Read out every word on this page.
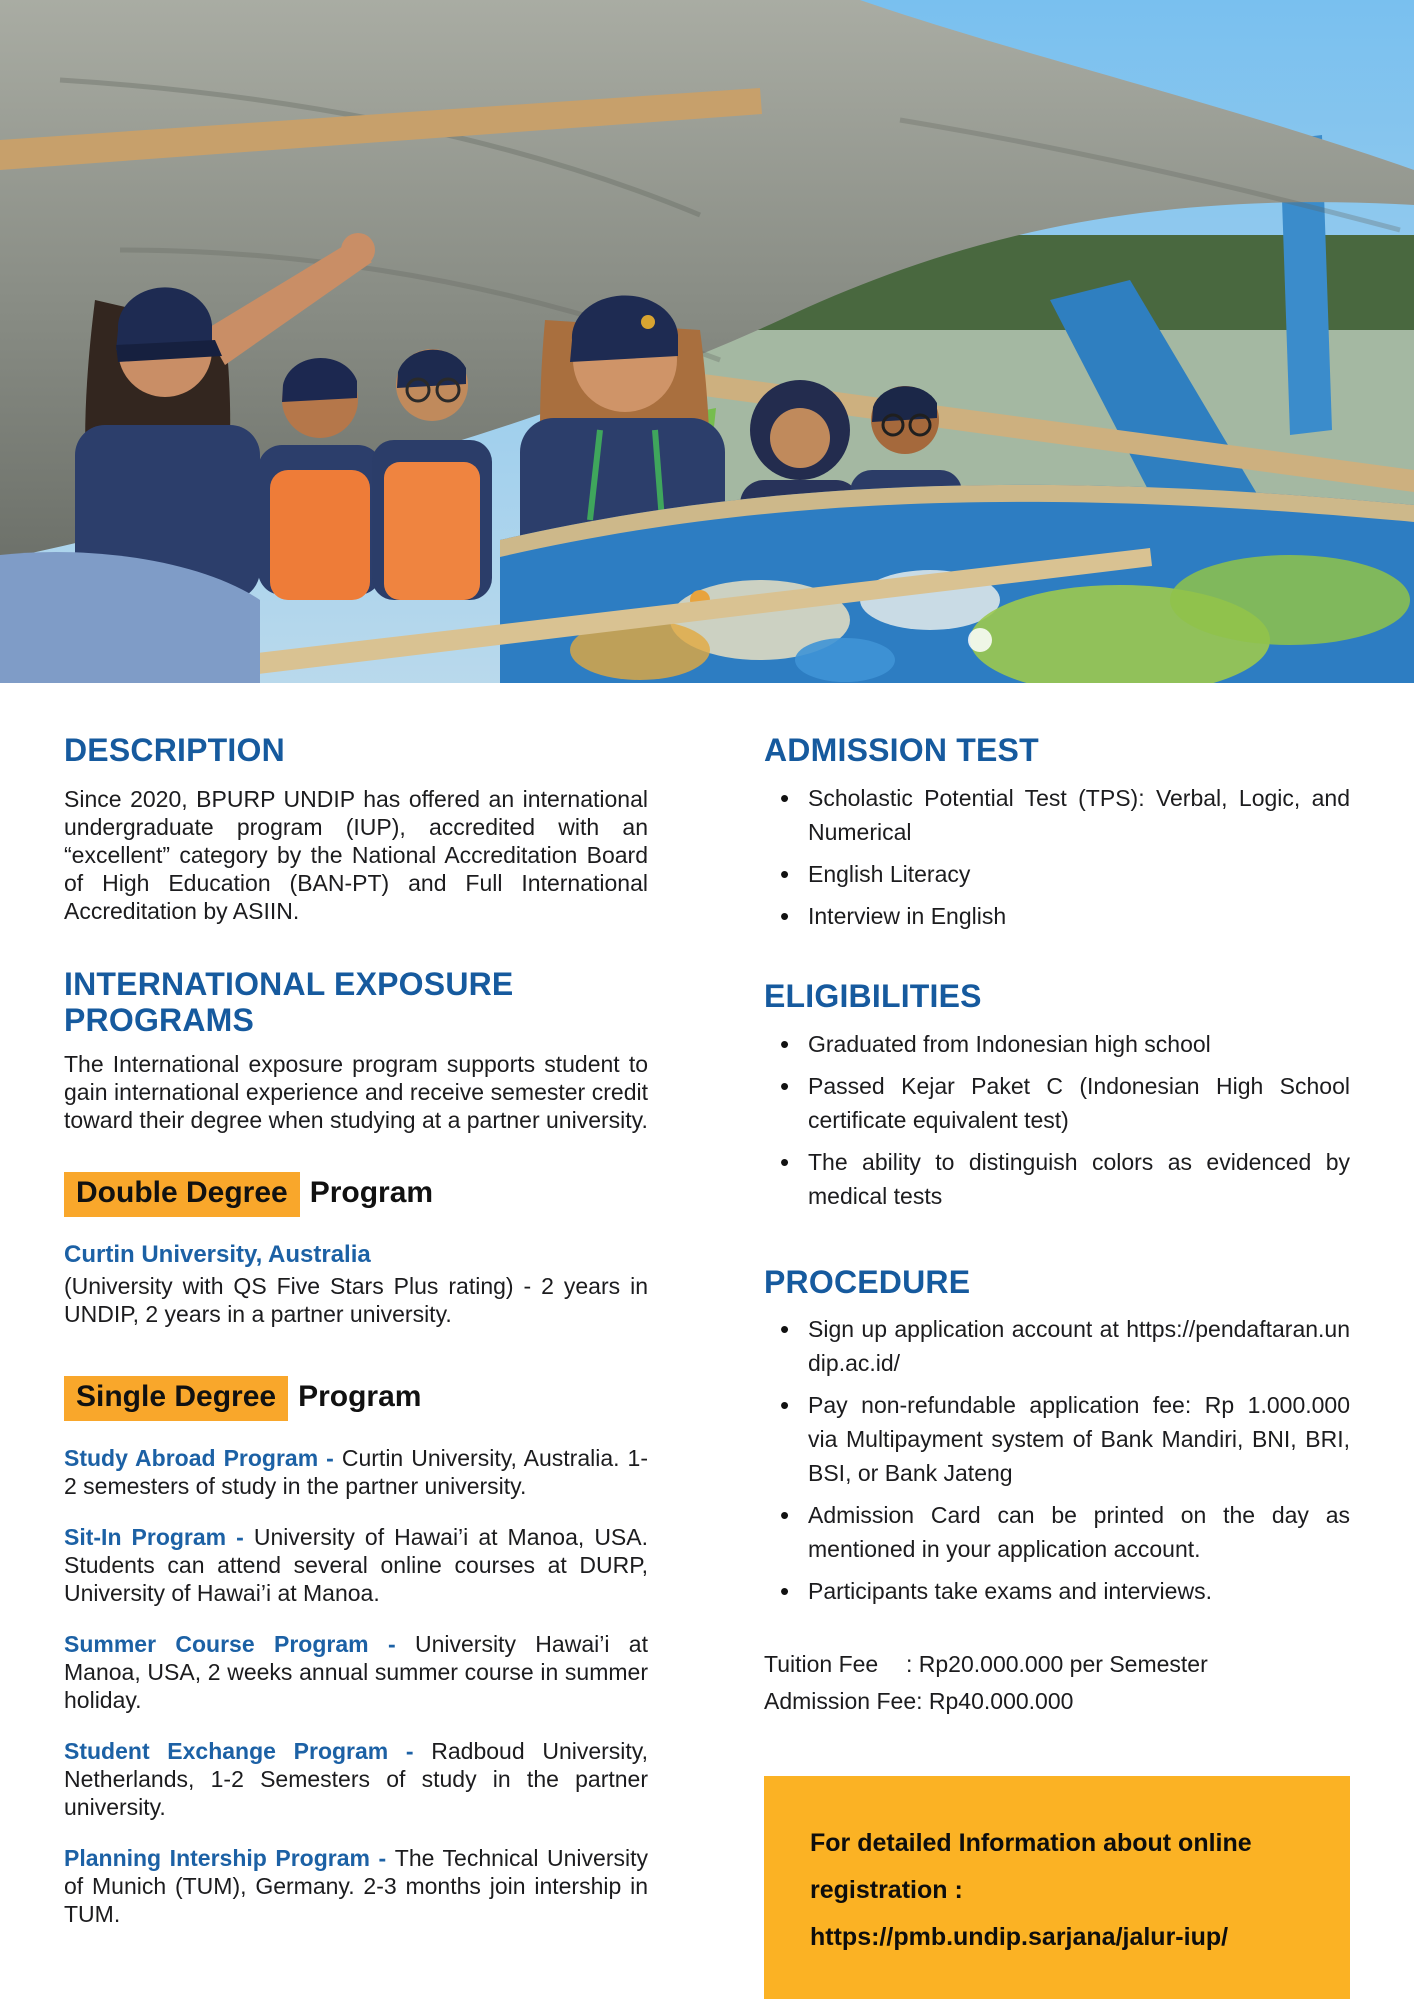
DESCRIPTION

Since 2020, BPURP UNDIP has offered an international undergraduate program (IUP), accredited with an “excellent” category by the National Accreditation Board of High Education (BAN-PT) and Full International Accreditation by ASIIN.

INTERNATIONAL EXPOSURE PROGRAMS

The International exposure program supports student to gain international experience and receive semester credit toward their degree when studying at a partner university.

Double Degree Program
Curtin University, Australia

(University with QS Five Stars Plus rating) - 2 years in UNDIP, 2 years in a partner university.

Single Degree Program

Study Abroad Program - Curtin University, Australia. 1-2 semesters of study in the partner university.

Sit-In Program - University of Hawai’i at Manoa, USA. Students can attend several online courses at DURP, University of Hawai’i at Manoa.

Summer Course Program - University Hawai’i at Manoa, USA, 2 weeks annual summer course in summer holiday.

Student Exchange Program - Radboud University, Netherlands, 1-2 Semesters of study in the partner university.

Planning Intership Program - The Technical University of Munich (TUM), Germany. 2-3 months join intership in TUM.

ADMISSION TEST
• Scholastic Potential Test (TPS): Verbal, Logic, and Numerical
• English Literacy
• Interview in English
ELIGIBILITIES
• Graduated from Indonesian high school
• Passed Kejar Paket C (Indonesian High School certificate equivalent test)
• The ability to distinguish colors as evidenced by medical tests
PROCEDURE
• Sign up application account at https://pendaftaran.undip.ac.id/
• Pay non-refundable application fee: Rp 1.000.000 via Multipayment system of Bank Mandiri, BNI, BRI, BSI, or Bank Jateng
• Admission Card can be printed on the day as mentioned in your application account.
• Participants take exams and interviews.
Tuition Fee	: Rp20.000.000 per Semester
Admission Fee : Rp40.000.000
For detailed Information about online
registration :
https://pmb.undip.sarjana/jalur-iup/
